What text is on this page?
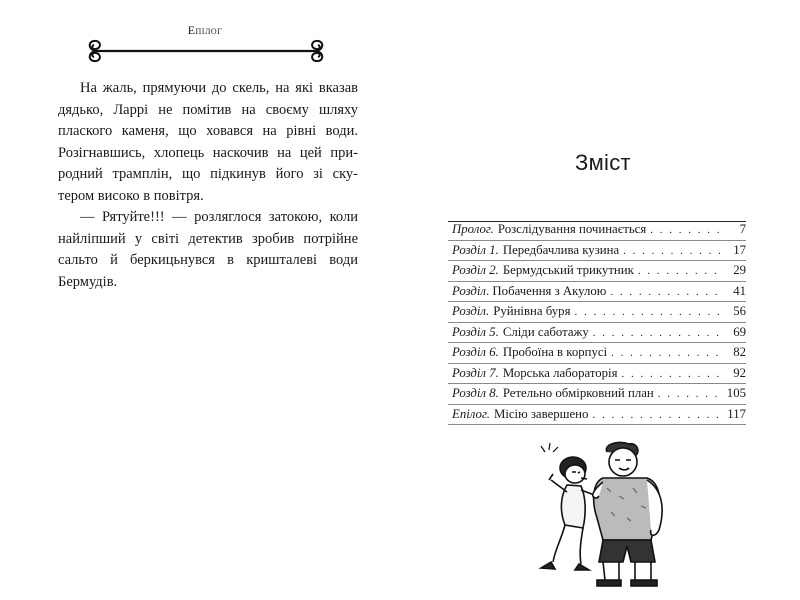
Епілог

На жаль, прямуючи до скель, на які вказав
дядько, Ларрі не помітив на своєму шляху
плаского каменя, що ховався на рівні води.
Розігнавшись, хлопець наскочив на цей при-
родний трамплін, що підкинув його зі ску-
тером високо в повітря.

— Рятуйте!!! — розляглося затокою, коли
найліпший у світі детектив зробив потрійне
сальто й беркицьнувся в кришталеві води
Бермудів.

Зміст
Пролог. Розслідування починається . . .	7
Розділ 1. Передбачлива кузина . . .	17
Розділ 2. Бермудський трикутник . . .	29
Розділ . Побачення з Акулою . . .	41
Розділ. Руйнівна буря . . .	56
Розділ 5. Сліди саботажу . . .	69
Розділ 6. Пробоїна в корпусі . . .	82
Розділ 7. Морська лабораторія . . .	92
Розділ 8. Ретельно обмірковний план . . .	105
Епілог. Місію завершено . . .	117
